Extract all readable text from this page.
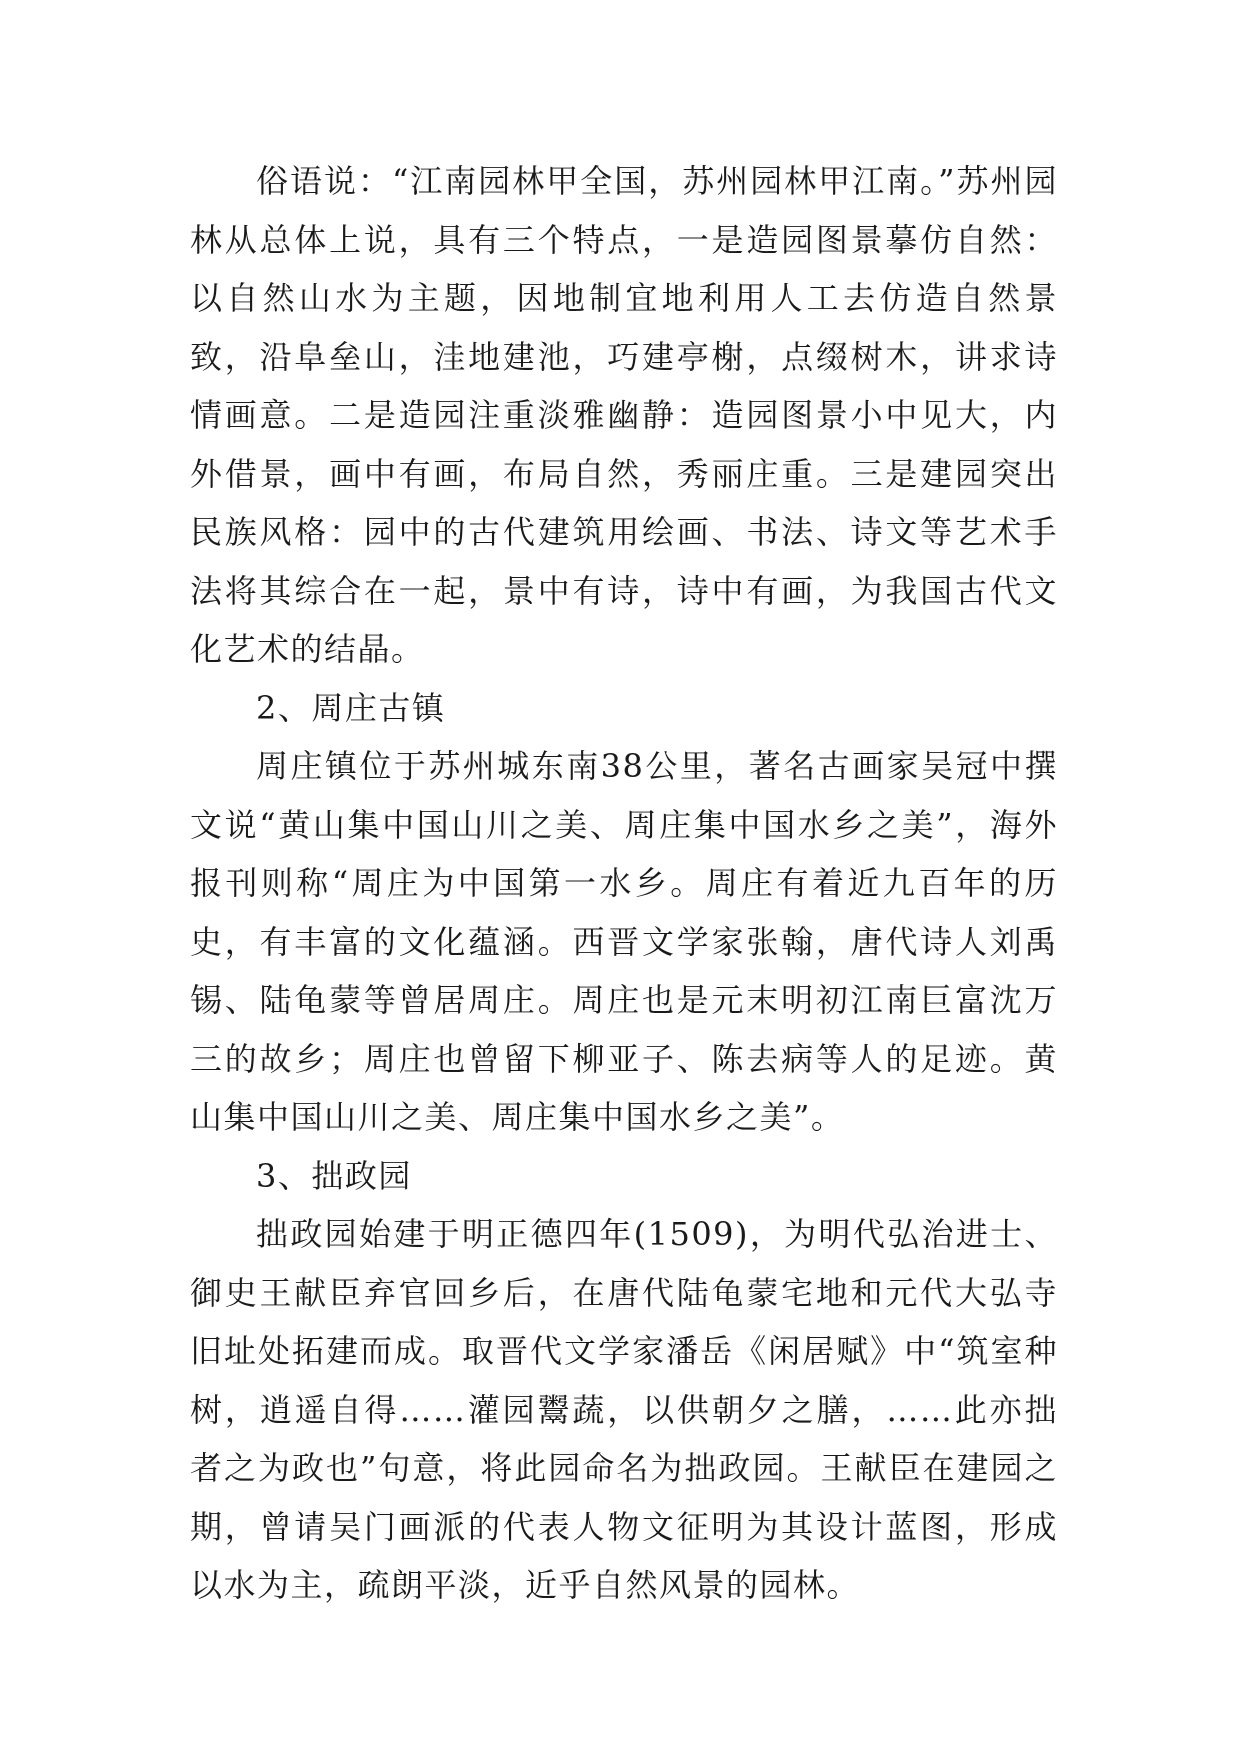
俗语说：“江南园林甲全国，苏州园林甲江南。”苏州园林从总体上说，具有三个特点，一是造园图景摹仿自然：以自然山水为主题，因地制宜地利用人工去仿造自然景致，沿阜垒山，洼地建池，巧建亭榭，点缀树木，讲求诗情画意。二是造园注重淡雅幽静：造园图景小中见大，内外借景，画中有画，布局自然，秀丽庄重。三是建园突出民族风格：园中的古代建筑用绘画、书法、诗文等艺术手法将其综合在一起，景中有诗，诗中有画，为我国古代文化艺术的结晶。

2、周庄古镇

周庄镇位于苏州城东南38公里，著名古画家吴冠中撰文说“黄山集中国山川之美、周庄集中国水乡之美”，海外报刊则称“周庄为中国第一水乡。周庄有着近九百年的历史，有丰富的文化蕴涵。西晋文学家张翰，唐代诗人刘禹锡、陆龟蒙等曾居周庄。周庄也是元末明初江南巨富沈万三的故乡；周庄也曾留下柳亚子、陈去病等人的足迹。黄山集中国山川之美、周庄集中国水乡之美”。

3、拙政园

拙政园始建于明正德四年(1509)，为明代弘治进士、御史王献臣弃官回乡后，在唐代陆龟蒙宅地和元代大弘寺旧址处拓建而成。取晋代文学家潘岳《闲居赋》中“筑室种树，逍遥自得……灌园鬻蔬，以供朝夕之膳，……此亦拙者之为政也”句意，将此园命名为拙政园。王献臣在建园之期，曾请吴门画派的代表人物文征明为其设计蓝图，形成以水为主，疏朗平淡，近乎自然风景的园林。
